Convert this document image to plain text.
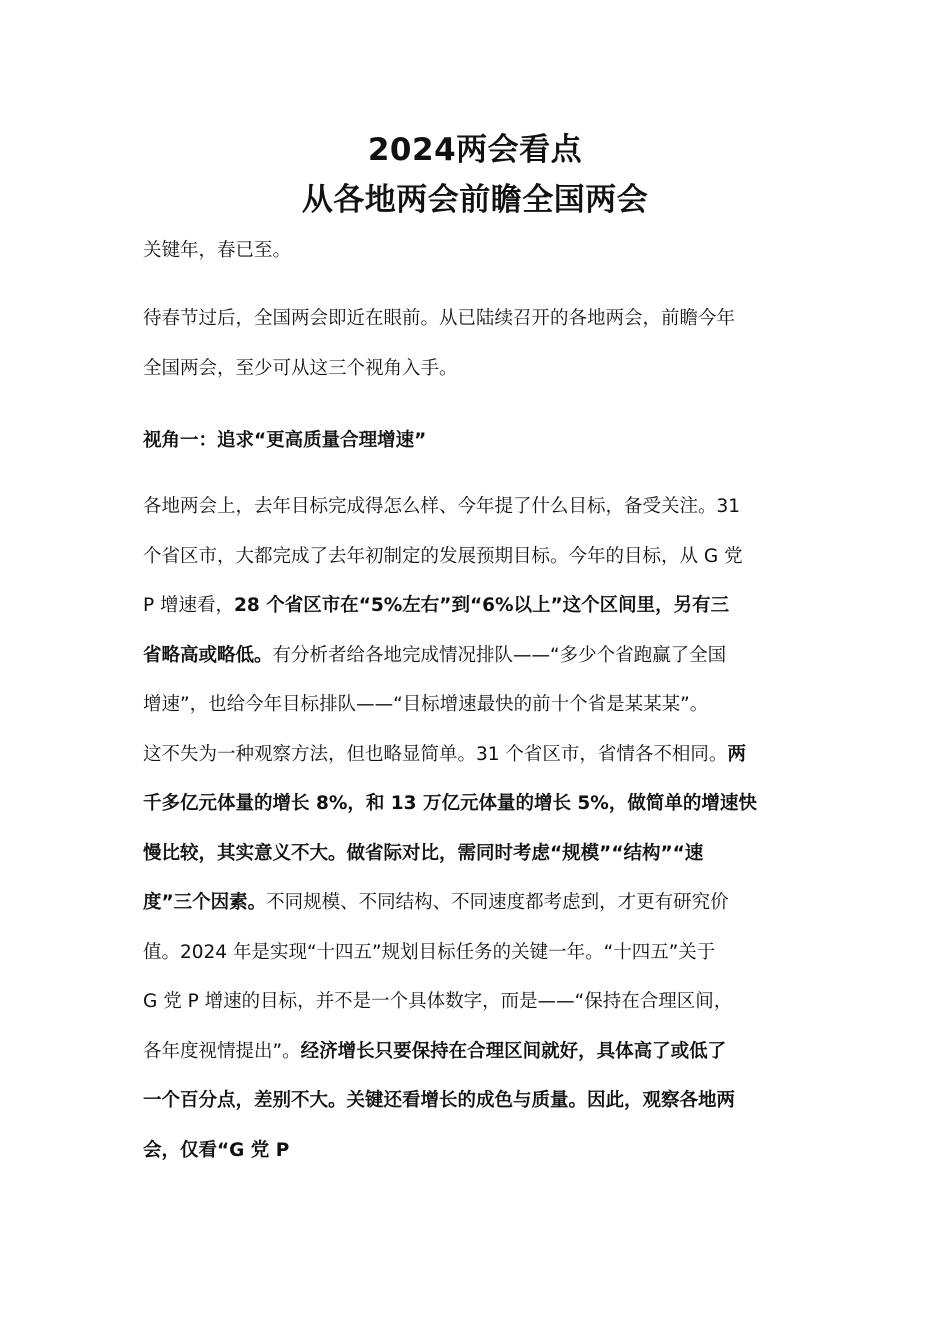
2024两会看点
从各地两会前瞻全国两会
关键年，春已至。
待春节过后，全国两会即近在眼前。从已陆续召开的各地两会，前瞻今年
全国两会，至少可从这三个视角入手。
视角一：追求“更高质量合理增速”
各地两会上，去年目标完成得怎么样、今年提了什么目标，备受关注。31
个省区市，大都完成了去年初制定的发展预期目标。今年的目标，从 G 党
P 增速看，28 个省区市在“5%左右”到“6%以上”这个区间里，另有三
省略高或略低。有分析者给各地完成情况排队——“多少个省跑赢了全国
增速”，也给今年目标排队——“目标增速最快的前十个省是某某某”。
这不失为一种观察方法，但也略显简单。31 个省区市，省情各不相同。两
千多亿元体量的增长 8%，和 13 万亿元体量的增长 5%，做简单的增速快
慢比较，其实意义不大。做省际对比，需同时考虑“规模”“结构”“速
度”三个因素。不同规模、不同结构、不同速度都考虑到，才更有研究价
值。2024 年是实现“十四五”规划目标任务的关键一年。“十四五”关于
G 党 P 增速的目标，并不是一个具体数字，而是——“保持在合理区间，
各年度视情提出”。经济增长只要保持在合理区间就好，具体高了或低了
一个百分点，差别不大。关键还看增长的成色与质量。因此，观察各地两
会，仅看“G 党 P
